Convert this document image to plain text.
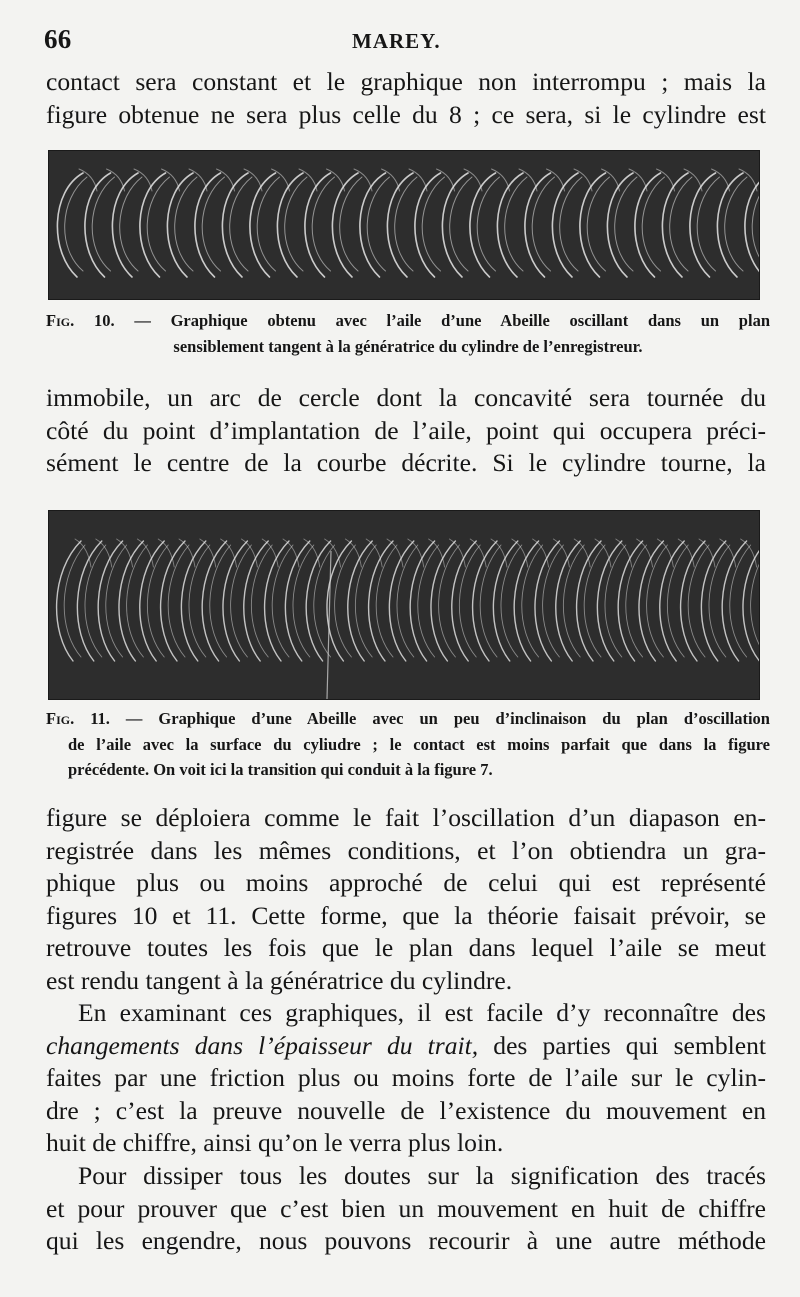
66	MAREY.
contact sera constant et le graphique non interrompu ; mais la
figure obtenue ne sera plus celle du 8 ; ce sera, si le cylindre est
Fig. 10. — Graphique obtenu avec l’aile d’une Abeille oscillant dans un plan
sensiblement tangent à la génératrice du cylindre de l’enregistreur.
immobile, un arc de cercle dont la concavité sera tournée du
côté du point d’implantation de l’aile, point qui occupera préci-
sément le centre de la courbe décrite. Si le cylindre tourne, la
Fig. 11. — Graphique d’une Abeille avec un peu d’inclinaison du plan d’oscillation
de l’aile avec la surface du cyliudre ; le contact est moins parfait que dans la figure
précédente. On voit ici la transition qui conduit à la figure 7.
figure se déploiera comme le fait l’oscillation d’un diapason en-
registrée dans les mêmes conditions, et l’on obtiendra un gra-
phique plus ou moins approché de celui qui est représenté
figures 10 et 11. Cette forme, que la théorie faisait prévoir, se
retrouve toutes les fois que le plan dans lequel l’aile se meut
est rendu tangent à la génératrice du cylindre.
En examinant ces graphiques, il est facile d’y reconnaître des
changements dans l’épaisseur du trait, des parties qui semblent
faites par une friction plus ou moins forte de l’aile sur le cylin-
dre ; c’est la preuve nouvelle de l’existence du mouvement en
huit de chiffre, ainsi qu’on le verra plus loin.
Pour dissiper tous les doutes sur la signification des tracés
et pour prouver que c’est bien un mouvement en huit de chiffre
qui les engendre, nous pouvons recourir à une autre méthode
